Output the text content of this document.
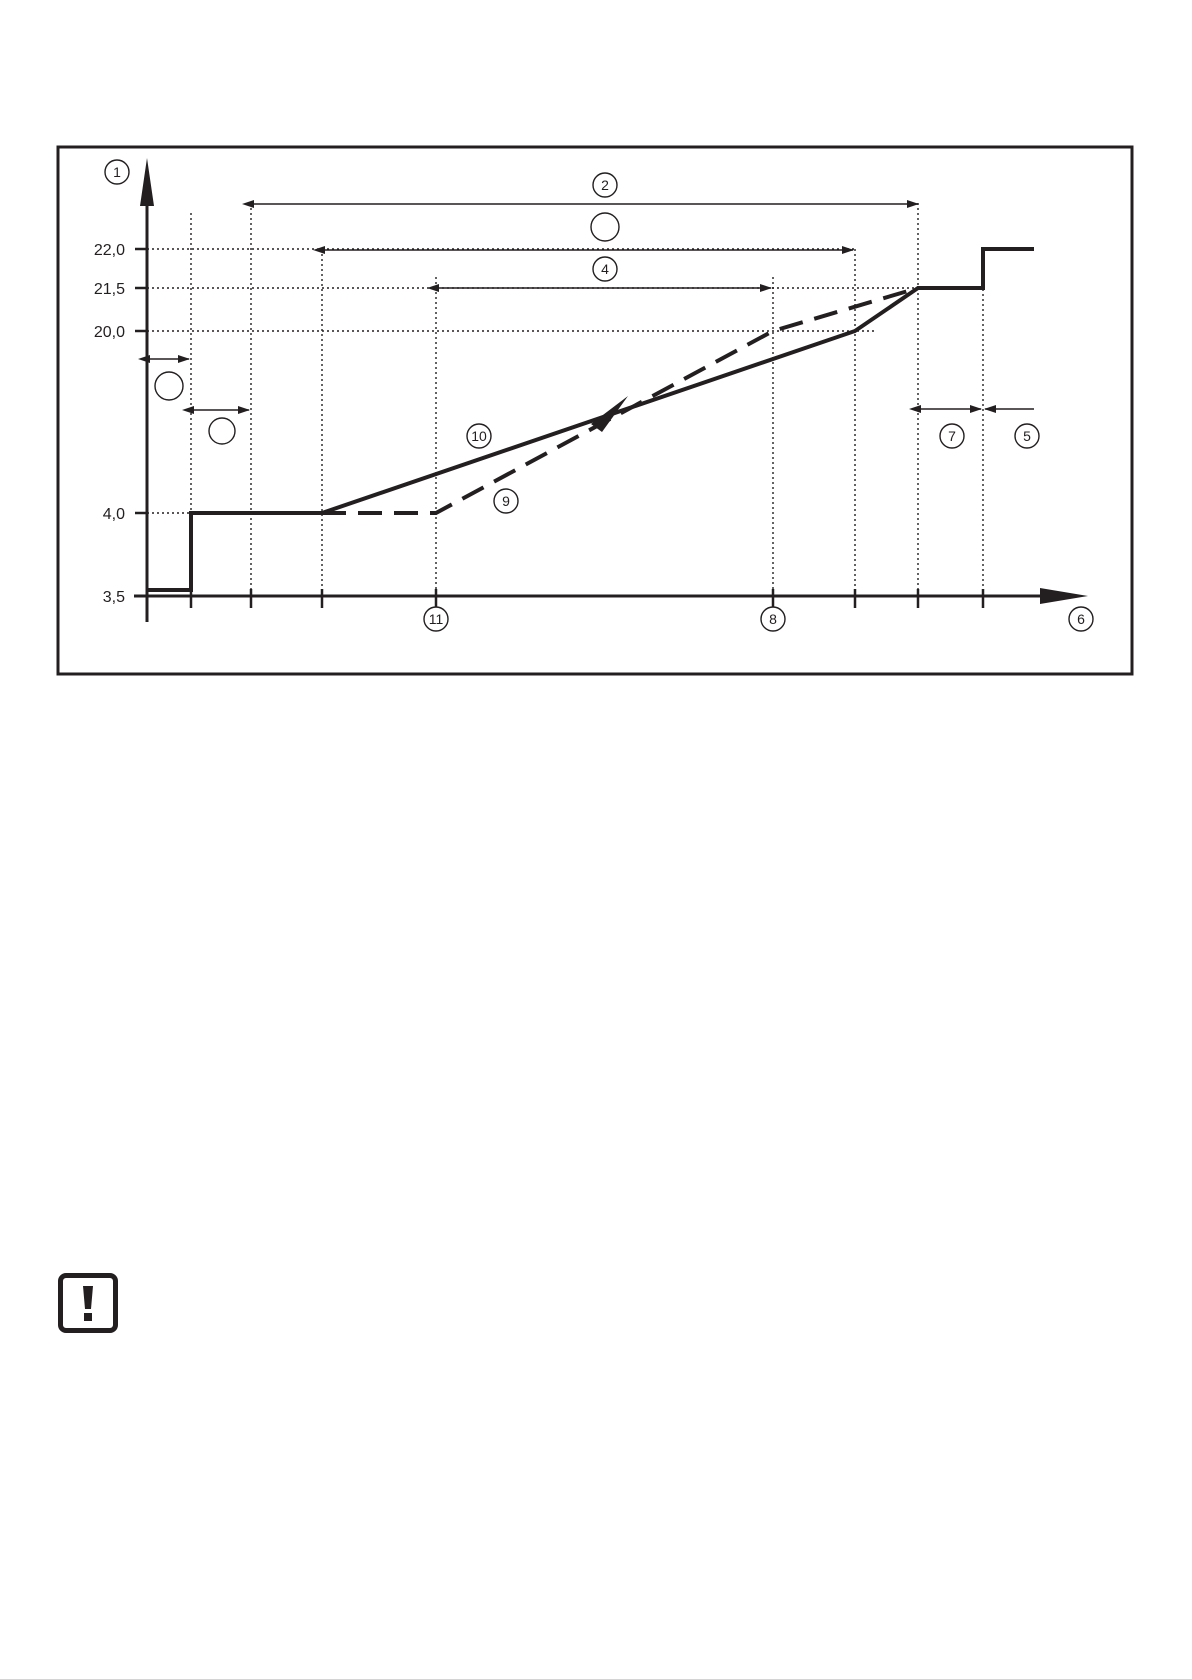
3,5
4,0
20,0
21,5
22,0
1
2
4
5
6
7
8
9
10
11
